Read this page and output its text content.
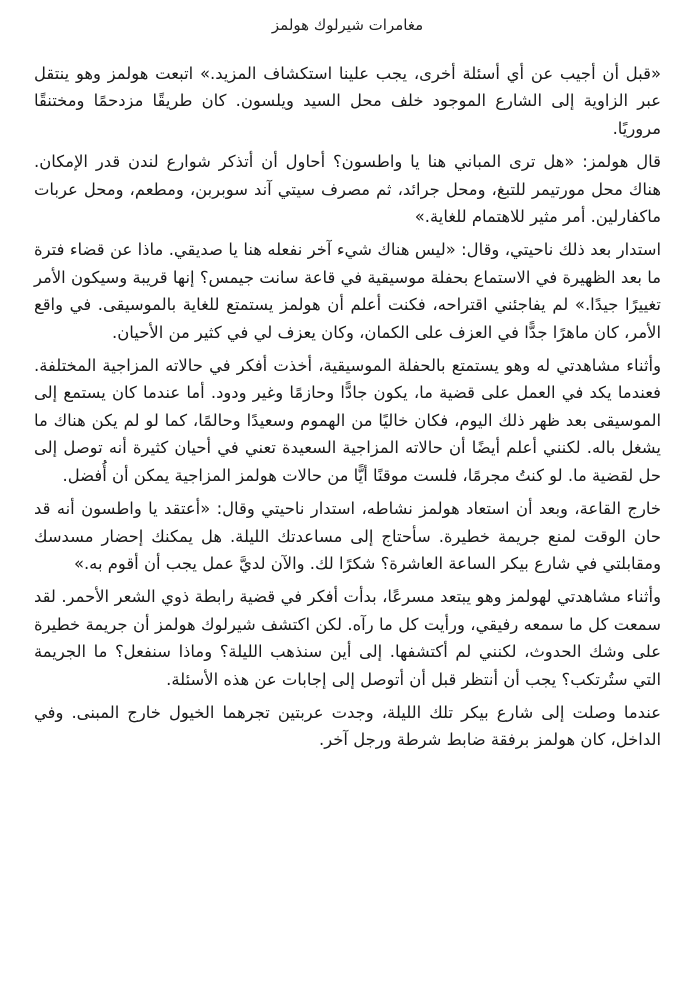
مغامرات شيرلوك هولمز

«قبل أن أجيب عن أي أسئلة أخرى، يجب علينا استكشاف المزيد.» اتبعت هولمز وهو ينتقل عبر الزاوية إلى الشارع الموجود خلف محل السيد ويلسون. كان طريقًا مزدحمًا ومختنقًا مروريًا.

قال هولمز: «هل ترى المباني هنا يا واطسون؟ أحاول أن أتذكر شوارع لندن قدر الإمكان. هناك محل مورتيمر للتبغ، ومحل جرائد، ثم مصرف سيتي آند سوبربن، ومطعم، ومحل عربات ماكفارلين. أمر مثير للاهتمام للغاية.»

استدار بعد ذلك ناحيتي، وقال: «ليس هناك شيء آخر نفعله هنا يا صديقي. ماذا عن قضاء فترة ما بعد الظهيرة في الاستماع بحفلة موسيقية في قاعة سانت جيمس؟ إنها قريبة وسيكون الأمر تغييرًا جيدًا.» لم يفاجئني اقتراحه، فكنت أعلم أن هولمز يستمتع للغاية بالموسيقى. في واقع الأمر، كان ماهرًا جدًّا في العزف على الكمان، وكان يعزف لي في كثير من الأحيان.

وأثناء مشاهدتي له وهو يستمتع بالحفلة الموسيقية، أخذت أفكر في حالاته المزاجية المختلفة. فعندما يكد في العمل على قضية ما، يكون جادًّا وحازمًا وغير ودود. أما عندما كان يستمع إلى الموسيقى بعد ظهر ذلك اليوم، فكان خاليًا من الهموم وسعيدًا وحالمًا، كما لو لم يكن هناك ما يشغل باله. لكنني أعلم أيضًا أن حالاته المزاجية السعيدة تعني في أحيان كثيرة أنه توصل إلى حل لقضية ما. لو كنتُ مجرمًا، فلست موقنًا أيًّا من حالات هولمز المزاجية يمكن أن أُفضل.

خارج القاعة، وبعد أن استعاد هولمز نشاطه، استدار ناحيتي وقال: «أعتقد يا واطسون أنه قد حان الوقت لمنع جريمة خطيرة. سأحتاج إلى مساعدتك الليلة. هل يمكنك إحضار مسدسك ومقابلتي في شارع بيكر الساعة العاشرة؟ شكرًا لك. والآن لديَّ عمل يجب أن أقوم به.»

وأثناء مشاهدتي لهولمز وهو يبتعد مسرعًا، بدأت أفكر في قضية رابطة ذوي الشعر الأحمر. لقد سمعت كل ما سمعه رفيقي، ورأيت كل ما رآه. لكن اكتشف شيرلوك هولمز أن جريمة خطيرة على وشك الحدوث، لكنني لم أكتشفها. إلى أين سنذهب الليلة؟ وماذا سنفعل؟ ما الجريمة التي ستُرتكب؟ يجب أن أنتظر قبل أن أتوصل إلى إجابات عن هذه الأسئلة.

عندما وصلت إلى شارع بيكر تلك الليلة، وجدت عربتين تجرهما الخيول خارج المبنى. وفي الداخل، كان هولمز برفقة ضابط شرطة ورجل آخر.
